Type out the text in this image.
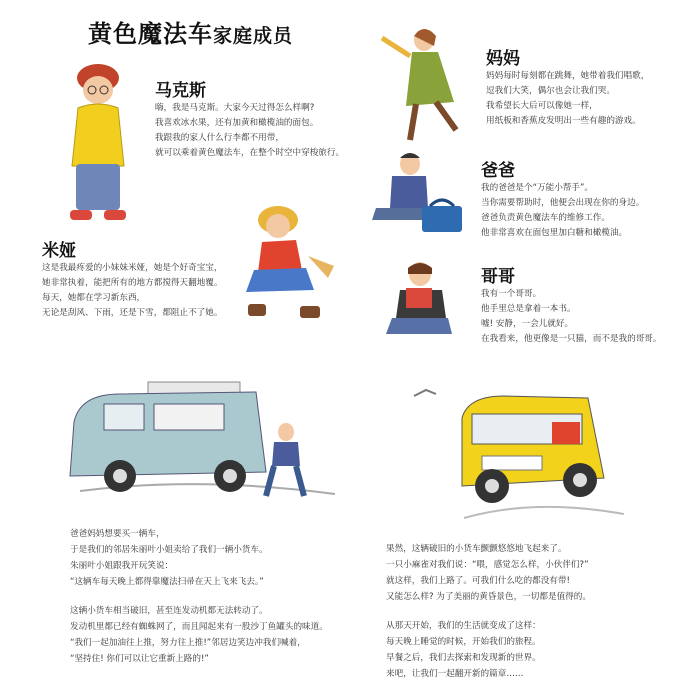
黄色魔法车家庭成员
马克斯

嗨，我是马克斯。大家今天过得怎么样啊?

我喜欢冰水果，还有加黄和橄榄油的面包。

我跟我的家人什么行李都不用带，

就可以乘着黄色魔法车，在整个时空中穿梭旅行。

米娅

这是我最疼爱的小妹妹米娅，她是个好奇宝宝，

她非常执着，能把所有的地方都搅得天翻地覆。

每天，她都在学习新东西，

无论是刮风、下雨，还是下雪，都阻止不了她。

妈妈

妈妈每时每刻都在跳舞，她带着我们唱歌，

逗我们大笑，偶尔也会让我们哭。

我希望长大后可以像她一样，

用纸板和香蕉皮发明出一些有趣的游戏。

爸爸

我的爸爸是个“万能小帮手”。

当你需要帮助时，他便会出现在你的身边。

爸爸负责黄色魔法车的维修工作。

他非常喜欢在面包里加白糖和橄榄油。

哥哥

我有一个哥哥。

他手里总是拿着一本书。

嘘! 安静，一会儿就好。

在我看来，他更像是一只猫，而不是我的哥哥。

爸爸妈妈想要买一辆车，

于是我们的邻居朱丽叶小姐卖给了我们一辆小货车。

朱丽叶小姐跟我开玩笑说：

“这辆车每天晚上都得靠魔法扫帚在天上飞来飞去。”

这辆小货车相当破旧，甚至连发动机都无法转动了。

发动机里都已经有蜘蛛网了，而且闻起来有一股沙丁鱼罐头的味道。

“我们一起加油往上推，努力往上推!”邻居边笑边冲我们喊着，

“坚持住! 你们可以让它重新上路的!”

果然，这辆破旧的小货车颤颤悠悠地飞起来了。

一只小麻雀对我们说：“喂，感觉怎么样，小伙伴们?”

就这样，我们上路了。可我们什么吃的都没有带!

又能怎么样? 为了美丽的黄昏景色，一切都是值得的。

从那天开始，我们的生活就变成了这样：

每天晚上睡觉的时候，开始我们的旅程。

早餐之后，我们去探索和发现新的世界。

来吧，让我们一起翻开新的篇章……
